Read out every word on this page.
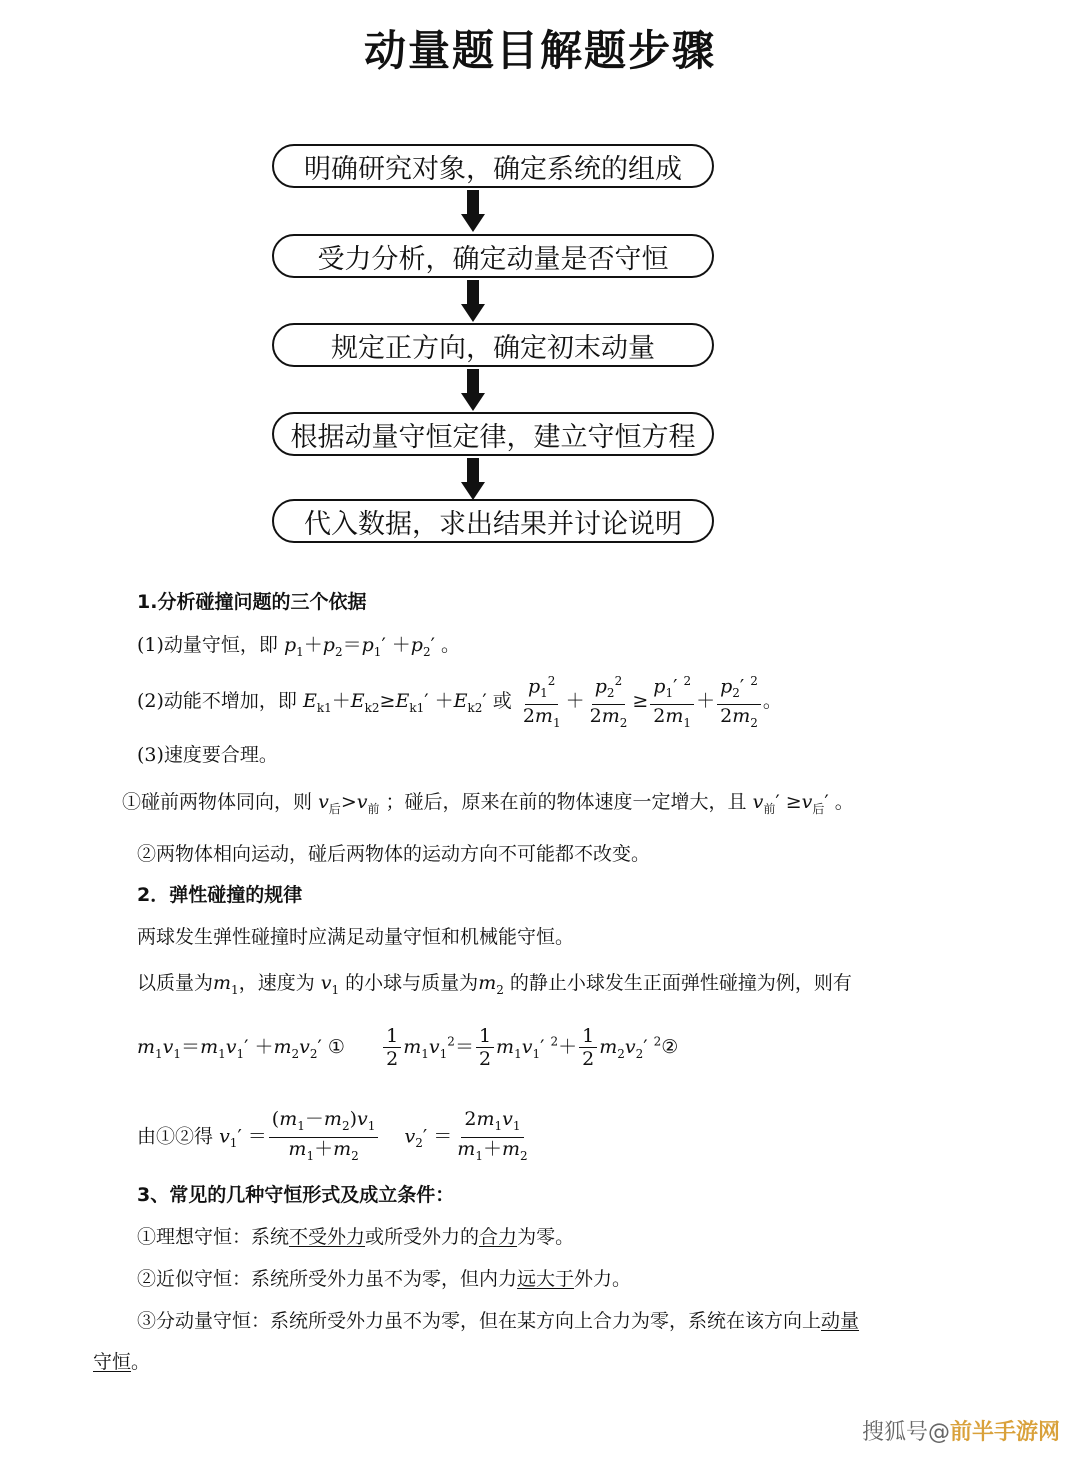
动量题目解题步骤
明确研究对象，确定系统的组成
受力分析，确定动量是否守恒
规定正方向，确定初末动量
根据动量守恒定律，建立守恒方程
代入数据，求出结果并讨论说明
1.分析碰撞问题的三个依据
(1)动量守恒，即 $p_1+p_2=p_1' +p_2'$ 。
(2)动能不增加，即 $E_{k1}+E_{k2}\ge E_{k1}' +E_{k2}'$ 或 $\frac{p_1^2}{2m_1} + \frac{p_2^2}{2m_2} \ge \frac{p_1' ^2}{2m_1} + \frac{p_2' ^2}{2m_2}$ 。
(3)速度要合理。
①碰前两物体同向，则 $v_后>v_前$ ；碰后，原来在前的物体速度一定增大，且 $v_前' \ge v_后'$ 。
②两物体相向运动，碰后两物体的运动方向不可能都不改变。
2．弹性碰撞的规律
两球发生弹性碰撞时应满足动量守恒和机械能守恒。
以质量为$m_1$，速度为 $v_1$ 的小球与质量为$m_2$ 的静止小球发生正面弹性碰撞为例，则有
$m_1v_1=m_1v_1' +m_2v_2'$ ① $\frac{1}{2} m_1v_1^2= \frac{1}{2} m_1v_1'$ $^2+ \frac{1}{2} m_2v_2'$ $^2$②
由①②得 $v_1' = \frac{(m_1-m_2)v_1}{m_1+m_2} v_2' = \frac{2m_1v_1}{m_1+m_2}$
3、常见的几种守恒形式及成立条件：
①理想守恒：系统不受外力或所受外力的合力为零。
②近似守恒：系统所受外力虽不为零，但内力远大于外力。
③分动量守恒：系统所受外力虽不为零，但在某方向上合力为零，系统在该方向上动量
守恒。
搜狐号@前半手游网
